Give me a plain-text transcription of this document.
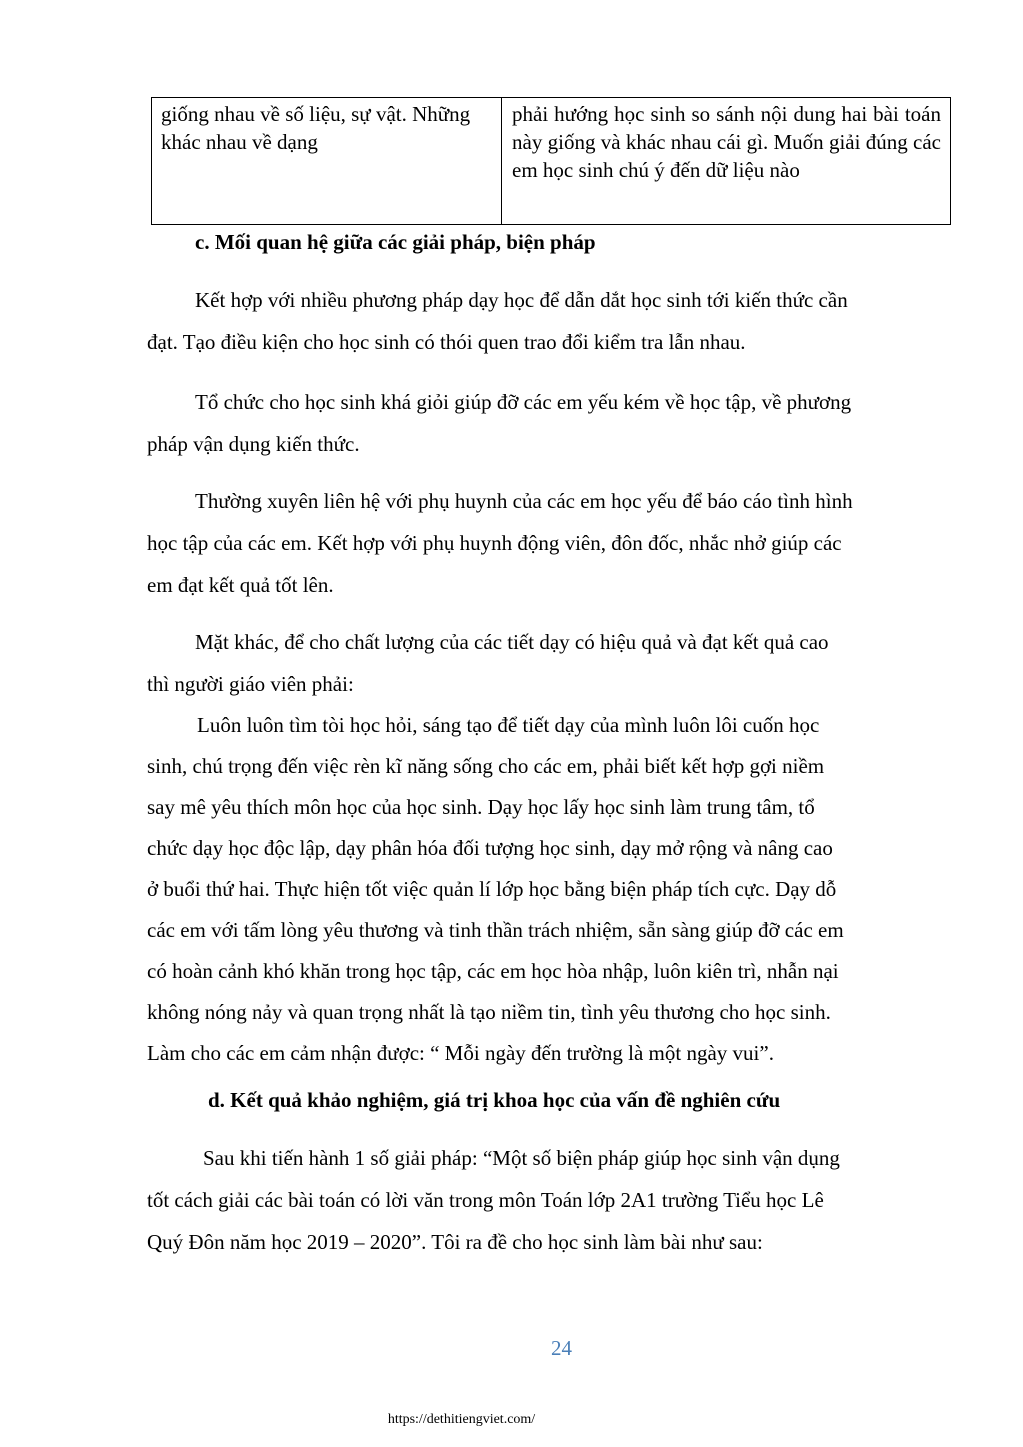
giống nhau về số liệu, sự vật. Những khác nhau về dạng
phải hướng học sinh so sánh nội dung hai bài toán này giống và khác nhau cái gì. Muốn giải đúng các em học sinh chú ý đến dữ liệu nào
c. Mối quan hệ giữa các giải pháp, biện pháp
Kết hợp với nhiều phương pháp dạy học để dẫn dắt học sinh tới kiến thức cần
đạt. Tạo điều kiện cho học sinh có thói quen trao đổi kiểm tra lẫn nhau.
Tổ chức cho học sinh khá giỏi giúp đỡ các em yếu kém về học tập, về phương
pháp vận dụng kiến thức.
Thường xuyên liên hệ với phụ huynh của các em học yếu để báo cáo tình hình
học tập của các em. Kết hợp với phụ huynh động viên, đôn đốc, nhắc nhở giúp các
em đạt kết quả tốt lên.
Mặt khác, để cho chất lượng của các tiết dạy có hiệu quả và đạt kết quả cao
thì người giáo viên phải:
Luôn luôn tìm tòi học hỏi, sáng tạo để tiết dạy của mình luôn lôi cuốn học
sinh, chú trọng đến việc rèn kĩ năng sống cho các em, phải biết kết hợp gợi niềm
say mê yêu thích môn học của học sinh. Dạy học lấy học sinh làm trung tâm, tổ
chức dạy học độc lập, dạy phân hóa đối tượng học sinh, dạy mở rộng và nâng cao
ở buổi thứ hai. Thực hiện tốt việc quản lí lớp học bằng biện pháp tích cực. Dạy dỗ
các em với tấm lòng yêu thương và tinh thần trách nhiệm, sẵn sàng giúp đỡ các em
có hoàn cảnh khó khăn trong học tập, các em học hòa nhập, luôn kiên trì, nhẫn nại
không nóng nảy và quan trọng nhất là tạo niềm tin, tình yêu thương cho học sinh.
Làm cho các em cảm nhận được: “ Mỗi ngày đến trường là một ngày vui”.
d. Kết quả khảo nghiệm, giá trị khoa học của vấn đề nghiên cứu
Sau khi tiến hành 1 số giải pháp: “Một số biện pháp giúp học sinh vận dụng
tốt cách giải các bài toán có lời văn trong môn Toán lớp 2A1 trường Tiểu học Lê
Quý Đôn năm học 2019 – 2020”. Tôi ra đề cho học sinh làm bài như sau:
24
https://dethitiengviet.com/
